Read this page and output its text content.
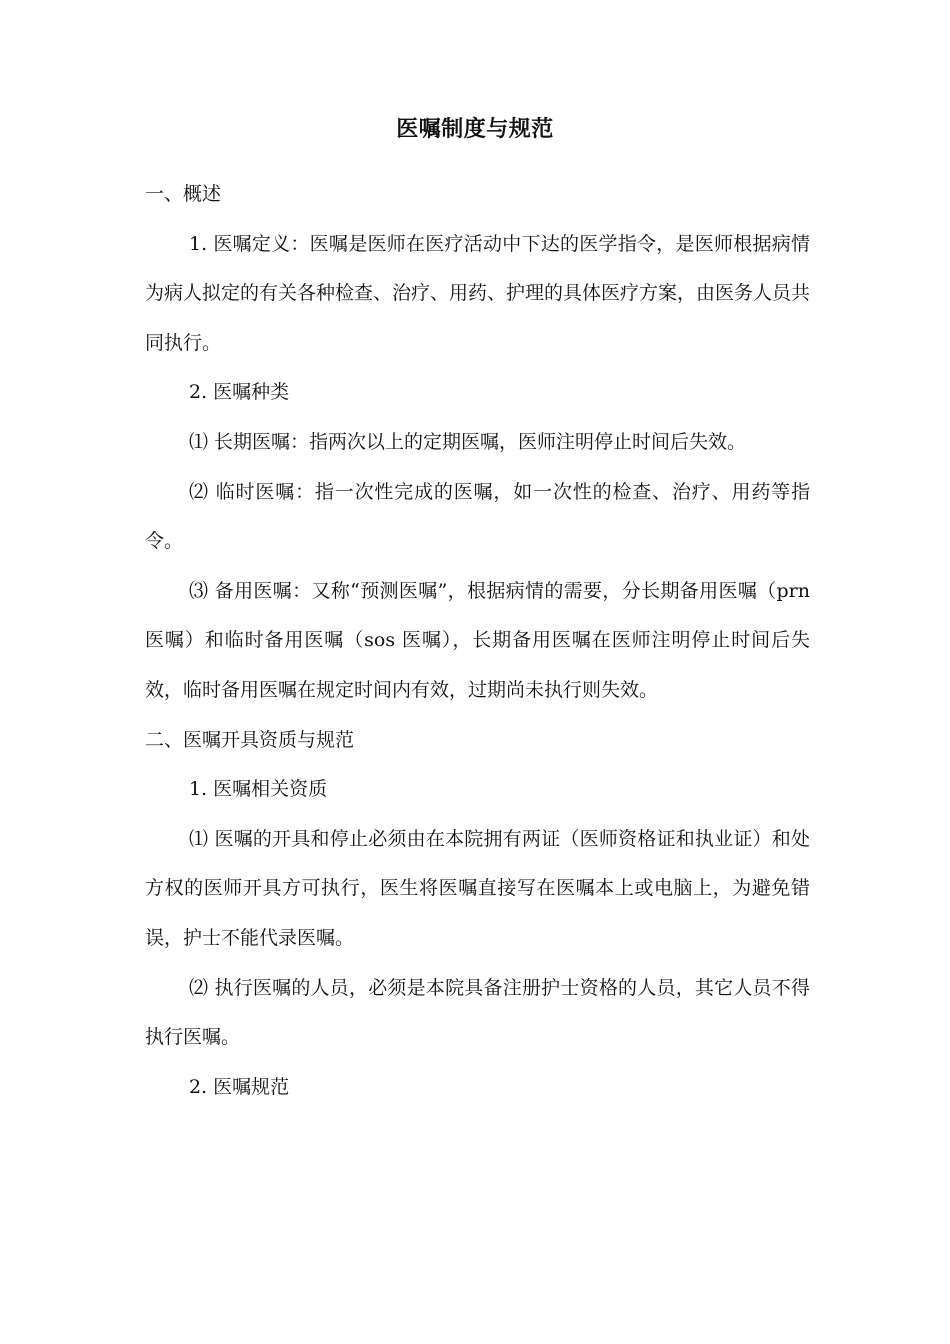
医嘱制度与规范

一、概述

1. 医嘱定义：医嘱是医师在医疗活动中下达的医学指令，是医师根据病情为病人拟定的有关各种检查、治疗、用药、护理的具体医疗方案，由医务人员共同执行。

2. 医嘱种类

⑴ 长期医嘱：指两次以上的定期医嘱，医师注明停止时间后失效。

⑵ 临时医嘱：指一次性完成的医嘱，如一次性的检查、治疗、用药等指令。

⑶ 备用医嘱：又称“预测医嘱”，根据病情的需要，分长期备用医嘱（prn 医嘱）和临时备用医嘱（sos 医嘱），长期备用医嘱在医师注明停止时间后失效，临时备用医嘱在规定时间内有效，过期尚未执行则失效。

二、医嘱开具资质与规范

1. 医嘱相关资质

⑴ 医嘱的开具和停止必须由在本院拥有两证（医师资格证和执业证）和处方权的医师开具方可执行，医生将医嘱直接写在医嘱本上或电脑上，为避免错误，护士不能代录医嘱。

⑵ 执行医嘱的人员，必须是本院具备注册护士资格的人员，其它人员不得执行医嘱。

2. 医嘱规范
